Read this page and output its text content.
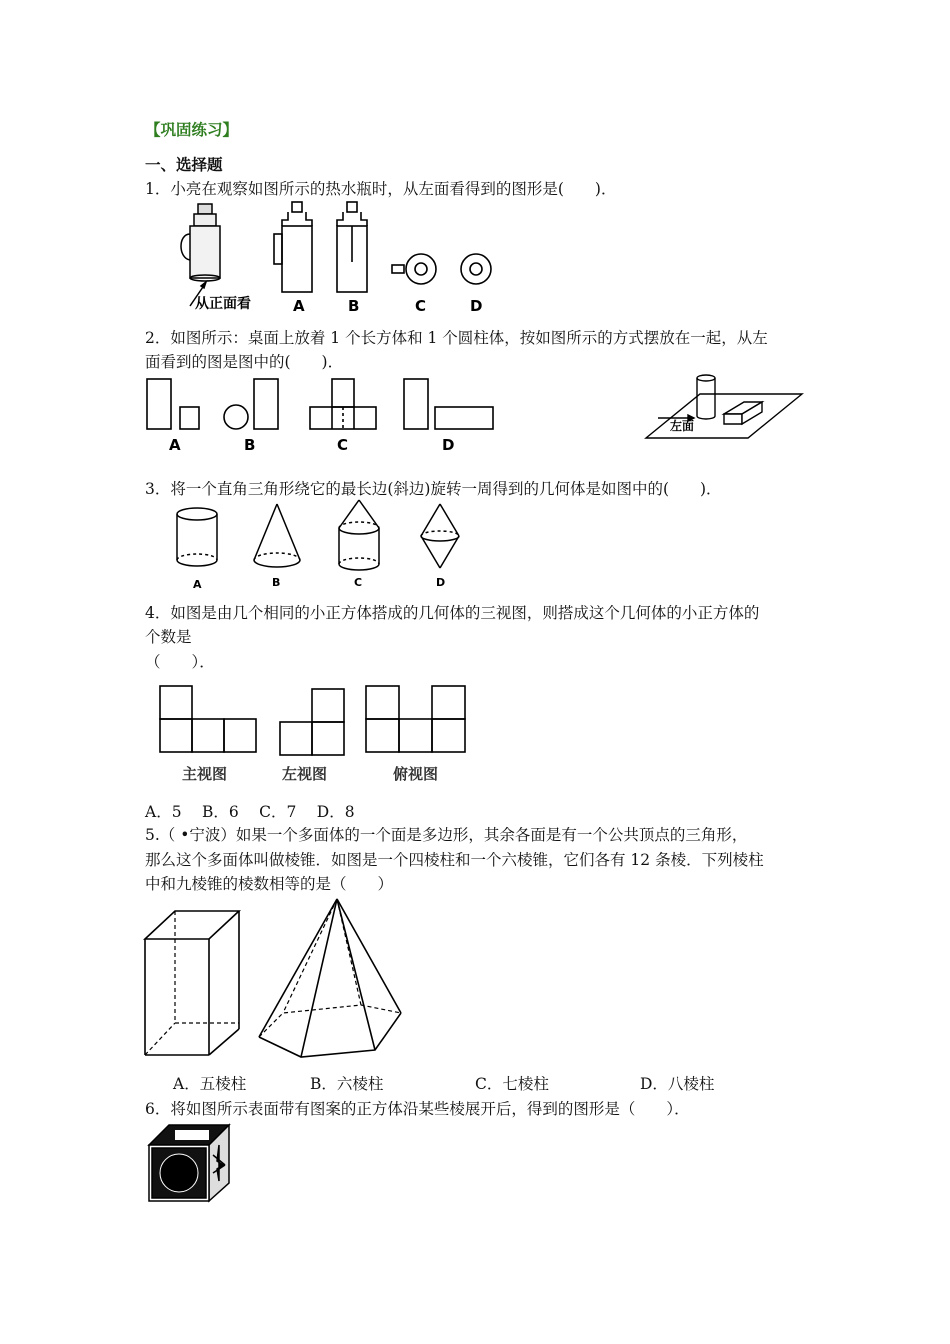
【巩固练习】
一、选择题
1．小亮在观察如图所示的热水瓶时，从左面看得到的图形是(　　)．
从正面看	A	B	C	D
2．如图所示：桌面上放着 1 个长方体和 1 个圆柱体，按如图所示的方式摆放在一起，从左
面看到的图是图中的(　　)．
A	B	C	D
左面
3．将一个直角三角形绕它的最长边(斜边)旋转一周得到的几何体是如图中的(　　)．
A	B	C	D
4．如图是由几个相同的小正方体搭成的几何体的三视图，则搭成这个几何体的小正方体的
个数是
（　　）．
主视图	左视图	俯视图
A．5　 B．6　 C．7　 D．8
5.（ •宁波）如果一个多面体的一个面是多边形，其余各面是有一个公共顶点的三角形，
那么这个多面体叫做棱锥．如图是一个四棱柱和一个六棱锥，它们各有 12 条棱．下列棱柱
中和九棱锥的棱数相等的是（　　）
A．五棱柱	B．六棱柱	C．七棱柱	D．八棱柱
6．将如图所示表面带有图案的正方体沿某些棱展开后，得到的图形是（　　）．
